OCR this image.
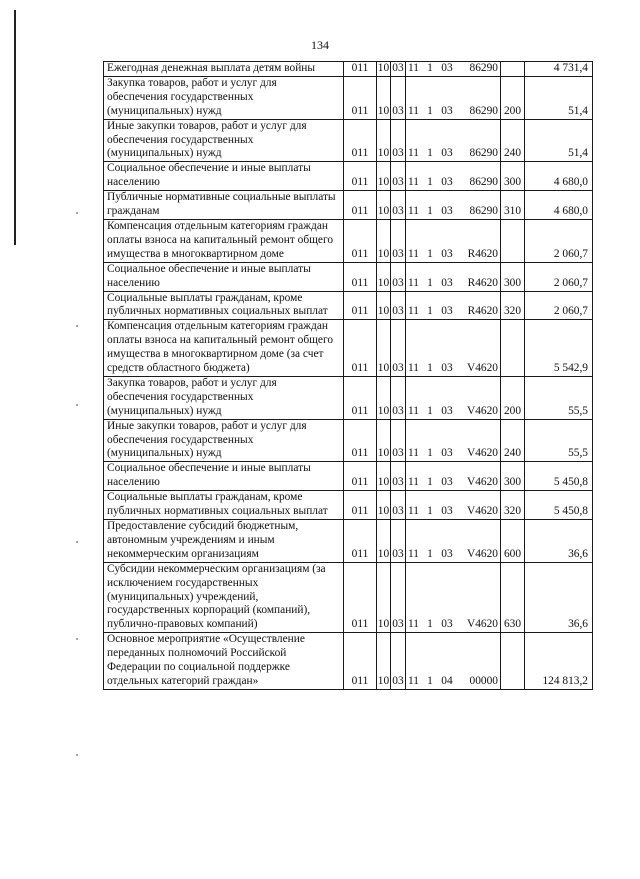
134
Ежегодная денежная выплата детям войны	011	10	03	11 1 03 86290		4 731,4
Закупка товаров, работ и услуг для обеспечения государственных (муниципальных) нужд	011	10	03	11 1 03 86290	200	51,4
Иные закупки товаров, работ и услуг для обеспечения государственных (муниципальных) нужд	011	10	03	11 1 03 86290	240	51,4
Социальное обеспечение и иные выплаты населению	011	10	03	11 1 03 86290	300	4 680,0
Публичные нормативные социальные выплаты гражданам	011	10	03	11 1 03 86290	310	4 680,0
Компенсация отдельным категориям граждан оплаты взноса на капитальный ремонт общего имущества в многоквартирном доме	011	10	03	11 1 03 R4620		2 060,7
Социальное обеспечение и иные выплаты населению	011	10	03	11 1 03 R4620	300	2 060,7
Социальные выплаты гражданам, кроме публичных нормативных социальных выплат	011	10	03	11 1 03 R4620	320	2 060,7
Компенсация отдельным категориям граждан оплаты взноса на капитальный ремонт общего имущества в многоквартирном доме (за счет средств областного бюджета)	011	10	03	11 1 03 V4620		5 542,9
Закупка товаров, работ и услуг для обеспечения государственных (муниципальных) нужд	011	10	03	11 1 03 V4620	200	55,5
Иные закупки товаров, работ и услуг для обеспечения государственных (муниципальных) нужд	011	10	03	11 1 03 V4620	240	55,5
Социальное обеспечение и иные выплаты населению	011	10	03	11 1 03 V4620	300	5 450,8
Социальные выплаты гражданам, кроме публичных нормативных социальных выплат	011	10	03	11 1 03 V4620	320	5 450,8
Предоставление субсидий бюджетным, автономным учреждениям и иным некоммерческим организациям	011	10	03	11 1 03 V4620	600	36,6
Субсидии некоммерческим организациям (за исключением государственных (муниципальных) учреждений, государственных корпораций (компаний), публично-правовых компаний)	011	10	03	11 1 03 V4620	630	36,6
Основное мероприятие «Осуществление переданных полномочий Российской Федерации по социальной поддержке отдельных категорий граждан»	011	10	03	11 1 04 00000		124 813,2
